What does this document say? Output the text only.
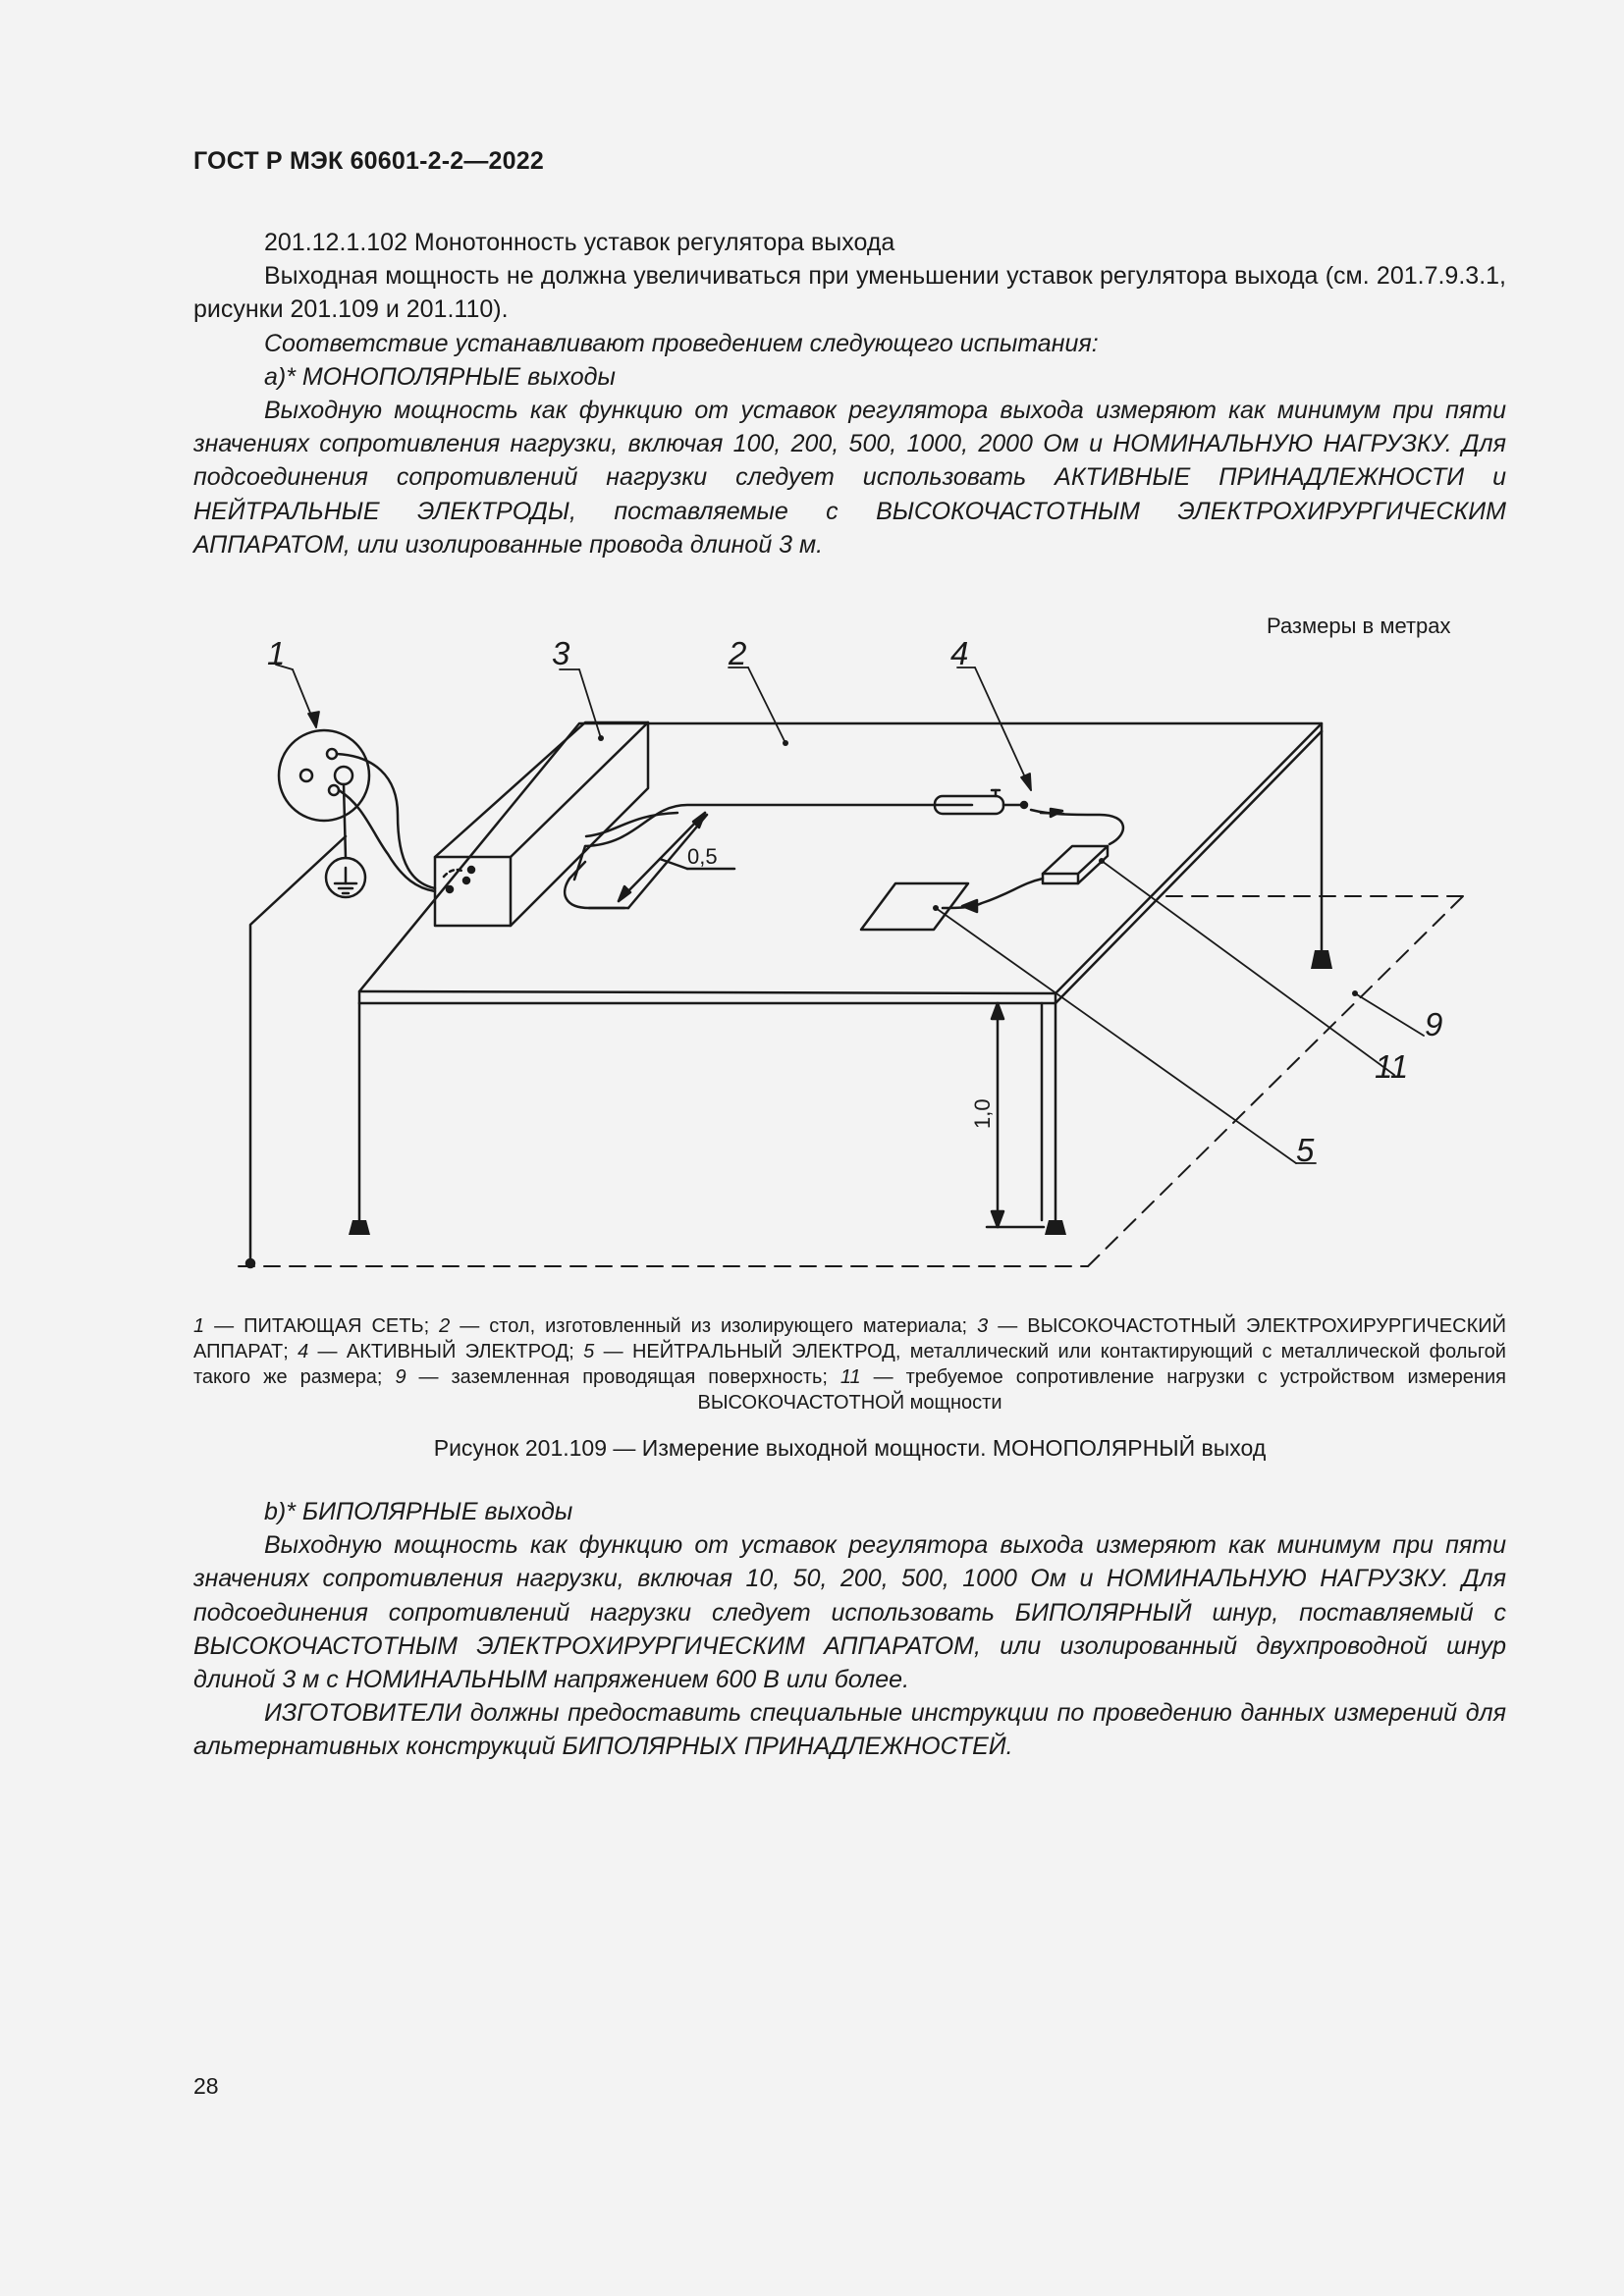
ГОСТ Р МЭК 60601-2-2—2022

201.12.1.102 Монотонность уставок регулятора выхода

Выходная мощность не должна увеличиваться при уменьшении уставок регулятора выхода (см. 201.7.9.3.1, рисунки 201.109 и 201.110).

Соответствие устанавливают проведением следующего испытания:

a)* МОНОПОЛЯРНЫЕ выходы

Выходную мощность как функцию от уставок регулятора выхода измеряют как минимум при пяти значениях сопротивления нагрузки, включая 100, 200, 500, 1000, 2000 Ом и НОМИНАЛЬНУЮ НАГРУЗКУ. Для подсоединения сопротивлений нагрузки следует использовать АКТИВНЫЕ ПРИНАДЛЕЖНОСТИ и НЕЙТРАЛЬНЫЕ ЭЛЕКТРОДЫ, поставляемые с ВЫСОКОЧАСТОТНЫМ ЭЛЕКТРОХИРУРГИЧЕСКИМ АППАРАТОМ, или изолированные провода длиной 3 м.

Размеры в метрах
1	3	2	4
9
11
5
0,5
1,0
1 — ПИТАЮЩАЯ СЕТЬ; 2 — стол, изготовленный из изолирующего материала; 3 — ВЫСОКОЧАСТОТНЫЙ ЭЛЕКТРОХИРУРГИЧЕСКИЙ АППАРАТ; 4 — АКТИВНЫЙ ЭЛЕКТРОД; 5 — НЕЙТРАЛЬНЫЙ ЭЛЕКТРОД, металлический или контактирующий с металлической фольгой такого же размера; 9 — заземленная проводящая поверхность; 11 — требуемое сопротивление нагрузки с устройством измерения ВЫСОКОЧАСТОТНОЙ мощности
Рисунок 201.109 — Измерение выходной мощности. МОНОПОЛЯРНЫЙ выход

b)* БИПОЛЯРНЫЕ выходы

Выходную мощность как функцию от уставок регулятора выхода измеряют как минимум при пяти значениях сопротивления нагрузки, включая 10, 50, 200, 500, 1000 Ом и НОМИНАЛЬНУЮ НАГРУЗКУ. Для подсоединения сопротивлений нагрузки следует использовать БИПОЛЯРНЫЙ шнур, поставляемый с ВЫСОКОЧАСТОТНЫМ ЭЛЕКТРОХИРУРГИЧЕСКИМ АППАРАТОМ, или изолированный двухпроводной шнур длиной 3 м с НОМИНАЛЬНЫМ напряжением 600 В или более.

ИЗГОТОВИТЕЛИ должны предоставить специальные инструкции по проведению данных измерений для альтернативных конструкций БИПОЛЯРНЫХ ПРИНАДЛЕЖНОСТЕЙ.

28
